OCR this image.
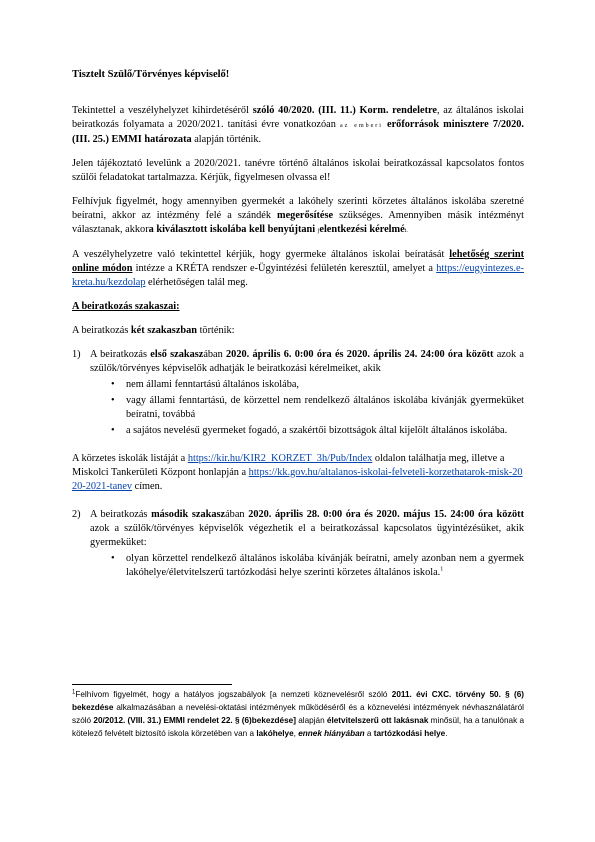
Tisztelt Szülő/Törvényes képviselő!

Tekintettel a veszélyhelyzet kihirdetéséről szóló 40/2020. (III. 11.) Korm. rendeletre, az általános iskolai beiratkozás folyamata a 2020/2021. tanítási évre vonatkozóan az emberi erőforrások minisztere 7/2020. (III. 25.) EMMI határozata alapján történik.

Jelen tájékoztató levelünk a 2020/2021. tanévre történő általános iskolai beiratkozással kapcsolatos fontos szülői feladatokat tartalmazza. Kérjük, figyelmesen olvassa el!

Felhívjuk figyelmét, hogy amennyiben gyermekét a lakóhely szerinti körzetes általános iskolába szeretné beíratni, akkor az intézmény felé a szándék megerősítése szükséges. Amennyiben másik intézményt választanak, akkora kiválasztott iskolába kell benyújtani jelentkezési kérelmét.

A veszélyhelyzetre való tekintettel kérjük, hogy gyermeke általános iskolai beíratását lehetőség szerint online módon intézze a KRÉTA rendszer e-Ügyintézési felületén keresztül, amelyet a https://eugyintezes.e-kreta.hu/kezdolap elérhetőségen talál meg.

A beiratkozás szakaszai:

A beiratkozás két szakaszban történik:

1) A beiratkozás első szakaszában 2020. április 6. 0:00 óra és 2020. április 24. 24:00 óra között azok a szülők/törvényes képviselők adhatják le beiratkozási kérelmeiket, akik

• nem állami fenntartású általános iskolába,
• vagy állami fenntartású, de körzettel nem rendelkező általános iskolába kívánják gyermeküket beíratni, továbbá
• a sajátos nevelésű gyermeket fogadó, a szakértői bizottságok által kijelölt általános iskolába.

A körzetes iskolák listáját a https://kir.hu/KIR2_KORZET_3h/Pub/Index oldalon találhatja meg, illetve a Miskolci Tankerületi Központ honlapján a https://kk.gov.hu/altalanos-iskolai-felveteli-korzethatarok-misk-2020-2021-tanev címen.

2) A beiratkozás második szakaszában 2020. április 28. 0:00 óra és 2020. május 15. 24:00 óra között azok a szülők/törvényes képviselők végezhetik el a beiratkozással kapcsolatos ügyintézésüket, akik gyermeküket:

• olyan körzettel rendelkező általános iskolába kívánják beíratni, amely azonban nem a gyermek lakóhelye/életvitelszerű tartózkodási helye szerinti körzetes általános iskola.$^1$

$^1$Felhívom figyelmét, hogy a hatályos jogszabályok [a nemzeti köznevelésről szóló 2011. évi CXC. törvény 50. § (6) bekezdése alkalmazásában a nevelési-oktatási intézmények működéséről és a köznevelési intézmények névhasználatáról szóló 20/2012. (VIII. 31.) EMMI rendelet 22. § (6)bekezdése] alapján életvitelszerű ott lakásnak minősül, ha a tanulónak a kötelező felvételt biztosító iskola körzetében van a lakóhelye, ennek hiányában a tartózkodási helye.
